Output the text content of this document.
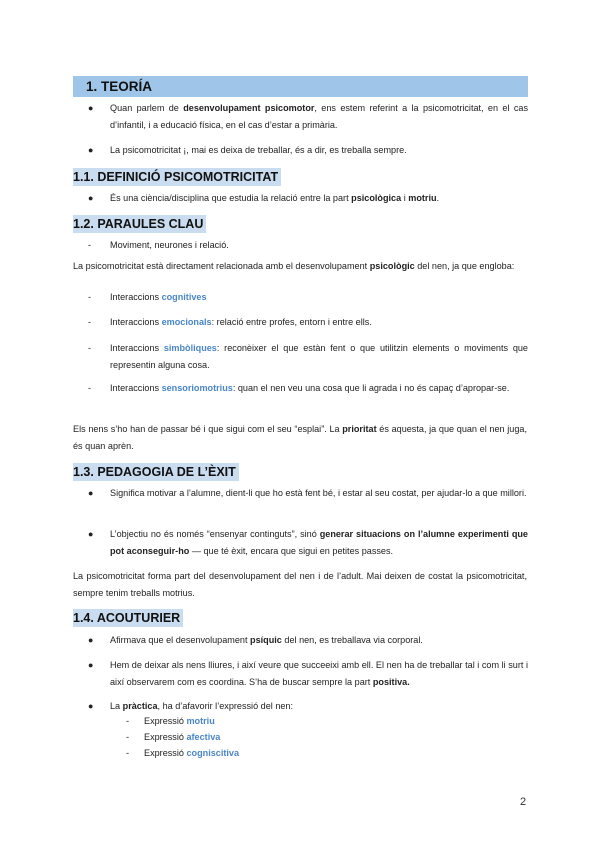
1. TEORÍA
●	Quan parlem de desenvolupament psicomotor, ens estem referint a la psicomotricitat, en el cas d’infantil, i a educació física, en el cas d’estar a primària.
●	La psicomotricitat ¡, mai es deixa de treballar, és a dir, es treballa sempre.
1.1. DEFINICIÓ PSICOMOTRICITAT
●	És una ciència/disciplina que estudia la relació entre la part psicològica i motriu.
1.2. PARAULES CLAU
-	Moviment, neurones i relació.
La psicomotricitat està directament relacionada amb el desenvolupament psicològic del nen, ja que engloba:
-	Interaccions cognitives
-	Interaccions emocionals: relació entre profes, entorn i entre ells.
-	Interaccions simbòliques: reconèixer el que estàn fent o que utilitzin elements o moviments que representin alguna cosa.
-	Interaccions sensoriomotrius: quan el nen veu una cosa que li agrada i no és capaç d’apropar-se.
Els nens s’ho han de passar bé i que sigui com el seu “esplai”. La prioritat és aquesta, ja que quan el nen juga, és quan aprèn.
1.3. PEDAGOGIA DE L’ÈXIT
●	Significa motivar a l’alumne, dient-li que ho està fent bé, i estar al seu costat, per ajudar-lo a que millori.
●	L’objectiu no és només “ensenyar continguts”, sinó generar situacions on l’alumne experimenti que pot aconseguir-ho — que té èxit, encara que sigui en petites passes.
La psicomotricitat forma part del desenvolupament del nen i de l’adult. Mai deixen de costat la psicomotricitat, sempre tenim treballs motrius.
1.4. ACOUTURIER
●	Afirmava que el desenvolupament psíquic del nen, es treballava via corporal.
●	Hem de deixar als nens lliures, i així veure que succeeixi amb ell. El nen ha de treballar tal i com li surt i així observarem com es coordina. S’ha de buscar sempre la part positiva.
●	La pràctica, ha d’afavorir l’expressió del nen:
- Expressió motriu
- Expressió afectiva
- Expressió cogniscitiva
2
